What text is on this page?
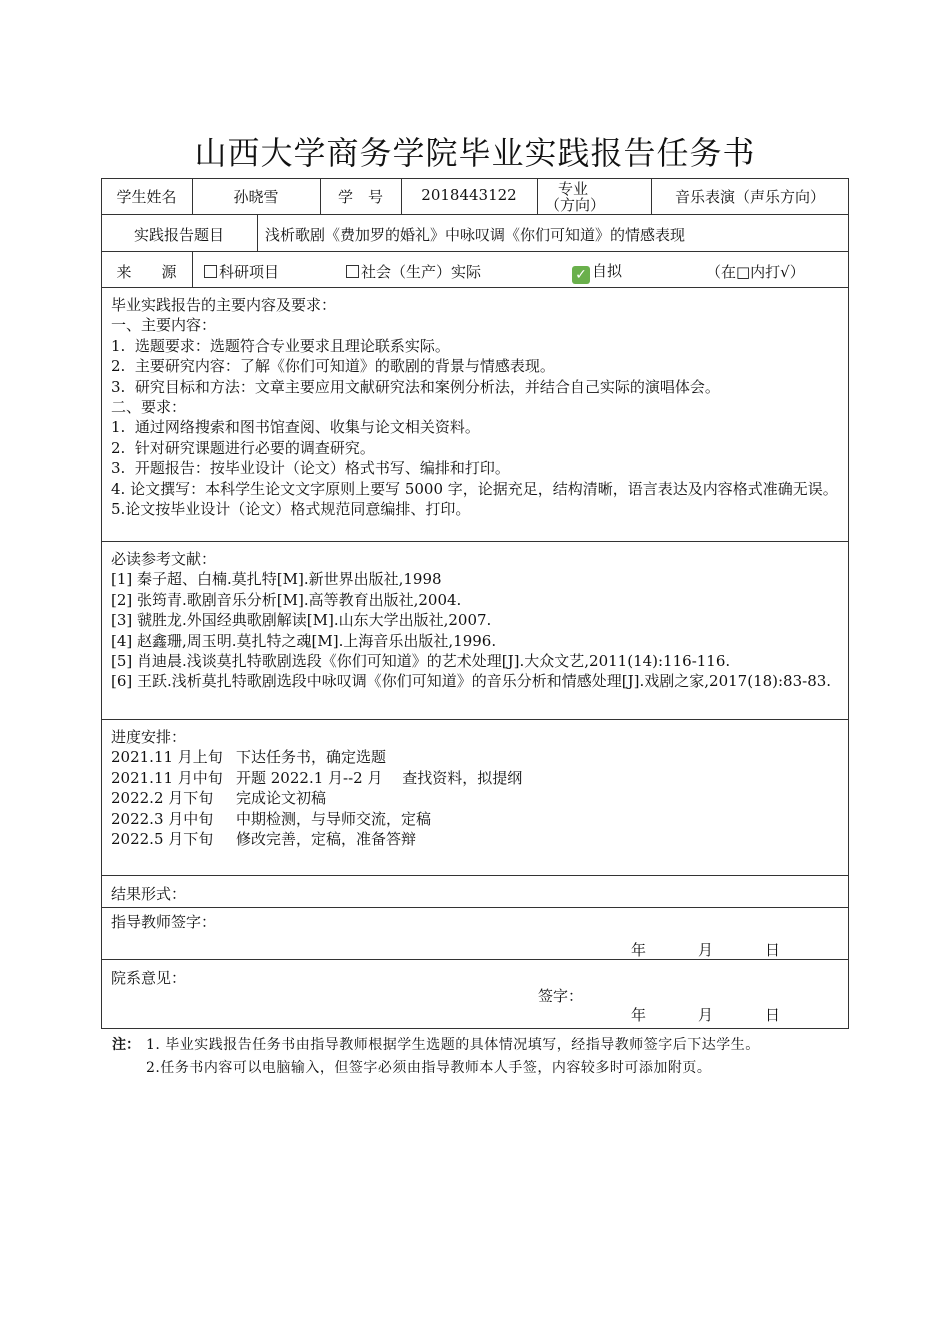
山西大学商务学院毕业实践报告任务书
学生姓名	孙晓雪	学　号	2018443122	专业（方向）	音乐表演（声乐方向）
实践报告题目	浅析歌剧《费加罗的婚礼》中咏叹调《你们可知道》的情感表现
来　　源	科研项目	社会（生产）实际	✓ 自拟	（在□内打√）
毕业实践报告的主要内容及要求：
一、主要内容：
1.  选题要求：选题符合专业要求且理论联系实际。
2.  主要研究内容：了解《你们可知道》的歌剧的背景与情感表现。
3.  研究目标和方法：文章主要应用文献研究法和案例分析法，并结合自己实际的演唱体会。
二、要求：
1.  通过网络搜索和图书馆查阅、收集与论文相关资料。
2.  针对研究课题进行必要的调查研究。
3.  开题报告：按毕业设计（论文）格式书写、编排和打印。
4. 论文撰写：本科学生论文文字原则上要写 5000 字，论据充足，结构清晰，语言表达及内容格式准确无误。
5.论文按毕业设计（论文）格式规范同意编排、打印。
必读参考文献：
[1] 秦子超、白楠.莫扎特[M].新世界出版社,1998
[2] 张筠青.歌剧音乐分析[M].高等教育出版社,2004.
[3] 虢胜龙.外国经典歌剧解读[M].山东大学出版社,2007.
[4] 赵鑫珊,周玉明.莫扎特之魂[M].上海音乐出版社,1996.
[5] 肖迪晨.浅谈莫扎特歌剧选段《你们可知道》的艺术处理[J].大众文艺,2011(14):116-116.
[6] 王跃.浅析莫扎特歌剧选段中咏叹调《你们可知道》的音乐分析和情感处理[J].戏剧之家,2017(18):83-83.
进度安排：
2021.11 月上旬 下达任务书，确定选题
2021.11 月中旬 开题 2022.1 月--2 月　 查找资料，拟提纲
2022.2 月下旬	完成论文初稿
2022.3 月中旬	中期检测，与导师交流，定稿
2022.5 月下旬	修改完善，定稿，准备答辩
结果形式：
指导教师签字：
年	月	日
院系意见：
签字：
年	月	日
注： 1. 毕业实践报告任务书由指导教师根据学生选题的具体情况填写，经指导教师签字后下达学生。
2.任务书内容可以电脑输入，但签字必须由指导教师本人手签，内容较多时可添加附页。
